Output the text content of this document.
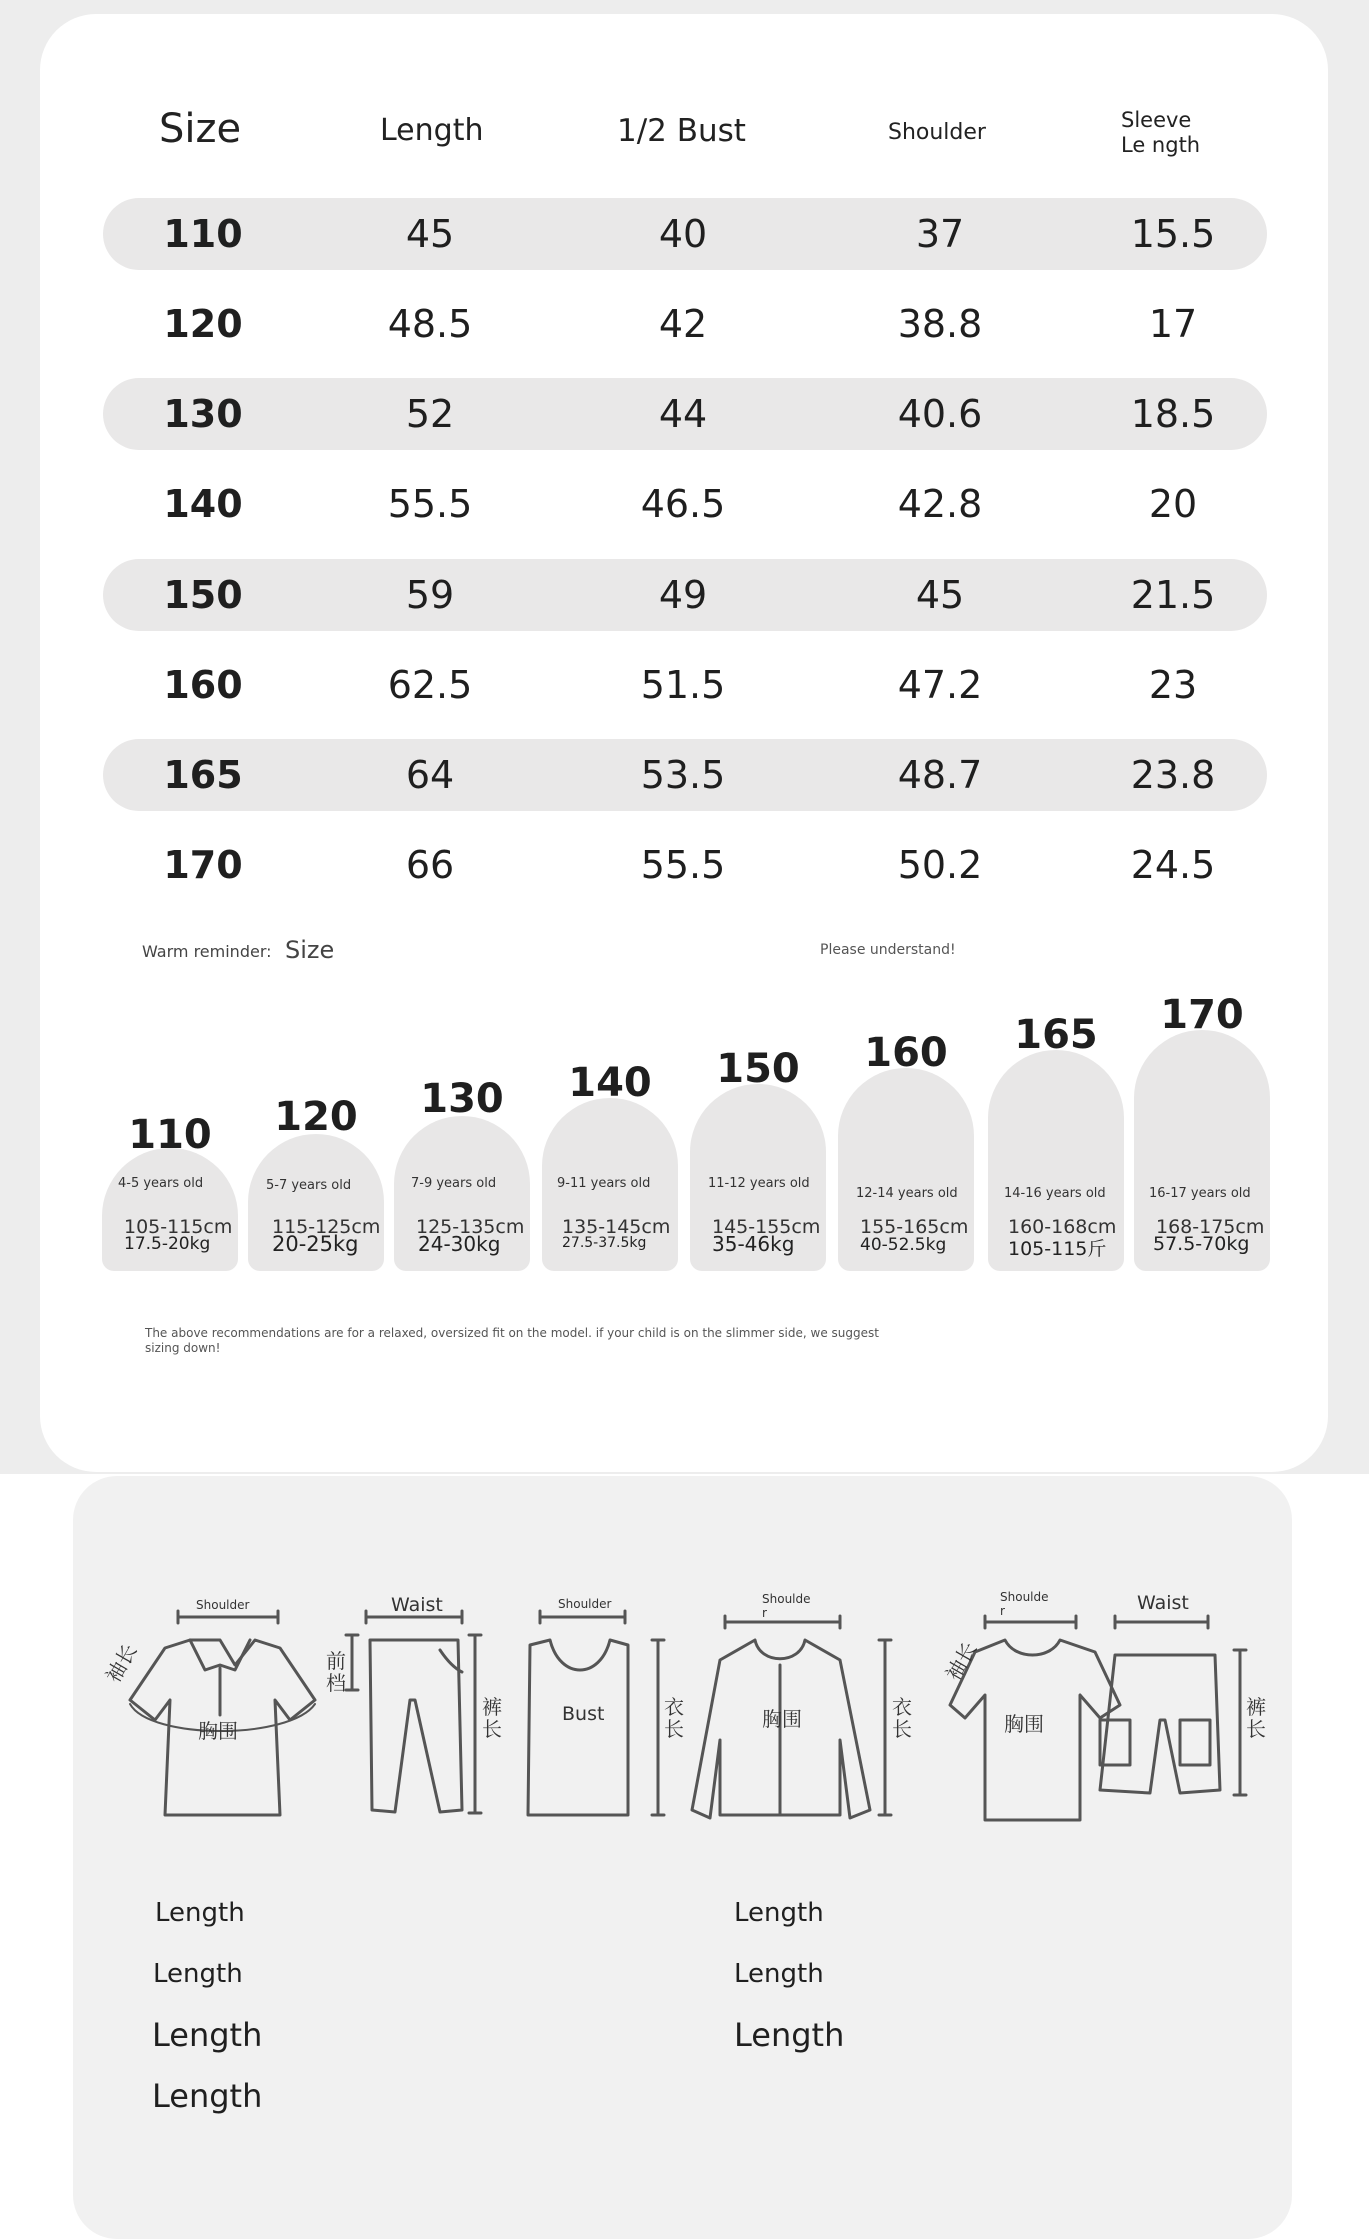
Size	Length	1/2 Bust	Shoulder	Sleeve Le ngth
110	45	40	37	15.5
120	48.5	42	38.8	17
130	52	44	40.6	18.5
140	55.5	46.5	42.8	20
150	59	49	45	21.5
160	62.5	51.5	47.2	23
165	64	53.5	48.7	23.8
170	66	55.5	50.2	24.5
Warm reminder: Size	Please understand!
110
4-5 years old
105-115cm
17.5-20kg
120
5-7 years old
115-125cm
20-25kg
130
7-9 years old
125-135cm
24-30kg
140
9-11 years old
135-145cm
27.5-37.5kg
150
11-12 years old
145-155cm
35-46kg
160
12-14 years old
155-165cm
40-52.5kg
165
14-16 years old
160-168cm
105-115斤
170
16-17 years old
168-175cm
57.5-70kg
The above recommendations are for a relaxed, oversized fit on the model. if your child is on the slimmer side, we suggest sizing down!
Shoulder	Waist	Shoulder	Shoulde r
Shoulde r	Waist
Bust
胸围	胸围	胸围
袖长	袖长
前档
裤长
衣长
衣长
裤长
Length
Length
Length
Length
Length
Length
Length
